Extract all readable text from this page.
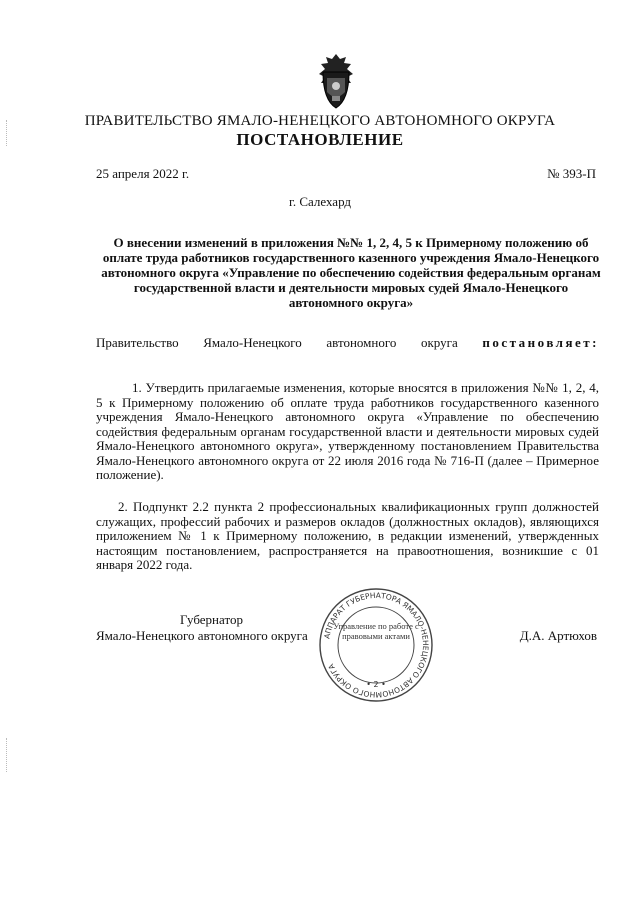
ПРАВИТЕЛЬСТВО ЯМАЛО-НЕНЕЦКОГО АВТОНОМНОГО ОКРУГА
ПОСТАНОВЛЕНИЕ
25 апреля 2022 г.	№ 393-П
г. Салехард
О внесении изменений в приложения №№ 1, 2, 4, 5 к Примерному положению об оплате труда работников государственного казенного учреждения Ямало-Ненецкого автономного округа «Управление по обеспечению содействия федеральным органам государственной власти и деятельности мировых судей Ямало-Ненецкого автономного округа»
Правительство Ямало-Ненецкого автономного округа постановляет:
1. Утвердить прилагаемые изменения, которые вносятся в приложения №№ 1, 2, 4, 5 к Примерному положению об оплате труда работников государственного казенного учреждения Ямало-Ненецкого автономного округа «Управление по обеспечению содействия федеральным органам государственной власти и деятельности мировых судей Ямало-Ненецкого автономного округа», утвержденному постановлением Правительства Ямало-Ненецкого автономного округа от 22 июля 2016 года № 716-П (далее – Примерное положение).
2. Подпункт 2.2 пункта 2 профессиональных квалификационных групп должностей служащих, профессий рабочих и размеров окладов (должностных окладов), являющихся приложением № 1 к Примерному положению, в редакции изменений, утвержденных настоящим постановлением, распространяется на правоотношения, возникшие с 01 января 2022 года.
Губернатор
Ямало-Ненецкого автономного округа	Д.А. Артюхов
АППАРАТ ГУБЕРНАТОРА ЯМАЛО-НЕНЕЦКОГО АВТОНОМНОГО ОКРУГА
• 2 •
Управление по работе с правовыми актами
